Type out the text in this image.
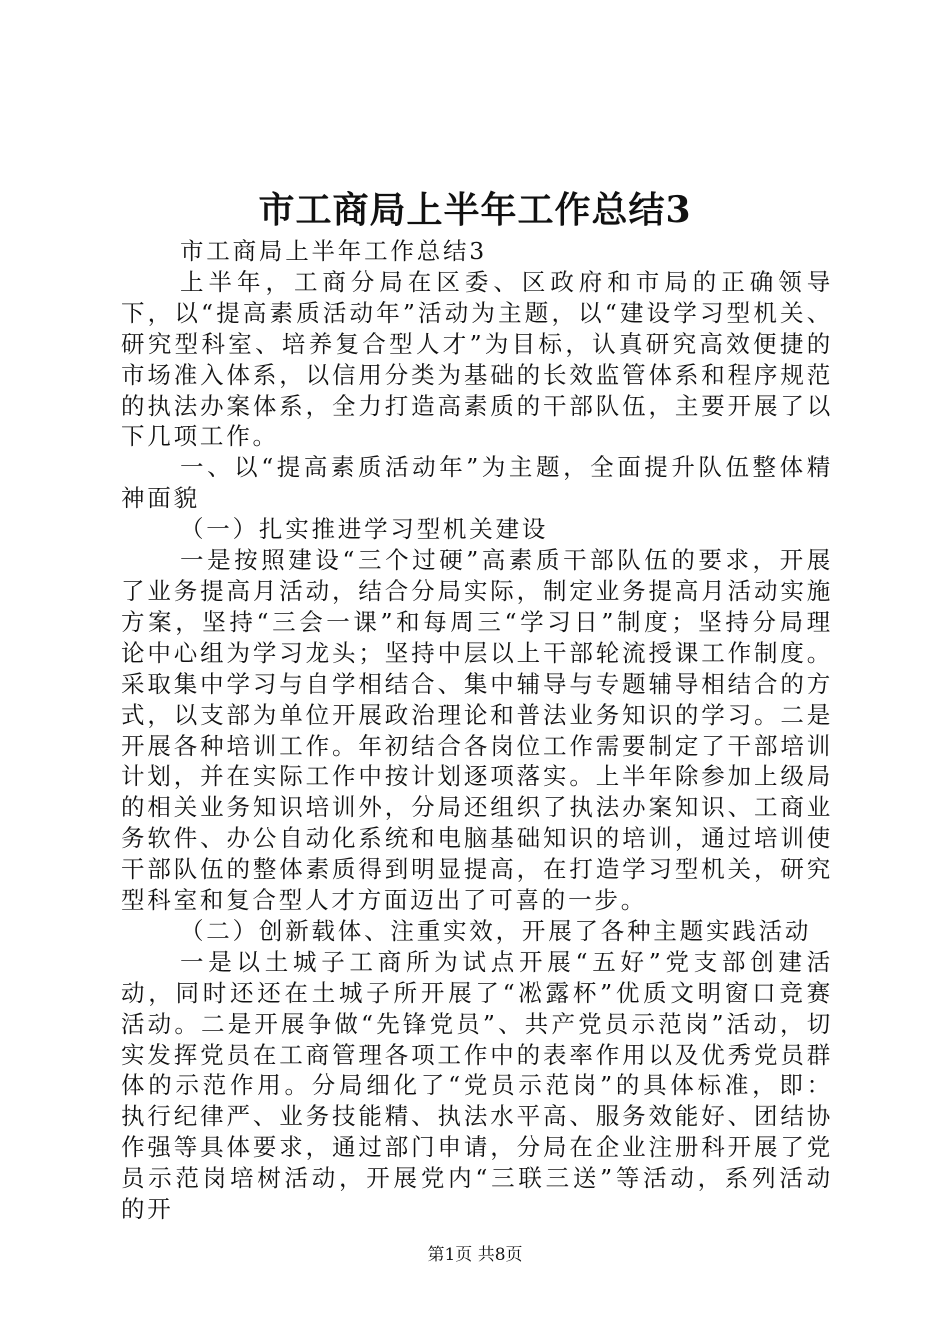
市工商局上半年工作总结3

市工商局上半年工作总结3

上半年，工商分局在区委、区政府和市局的正确领导下，以“提高素质活动年”活动为主题，以“建设学习型机关、研究型科室、培养复合型人才”为目标，认真研究高效便捷的市场准入体系，以信用分类为基础的长效监管体系和程序规范的执法办案体系，全力打造高素质的干部队伍，主要开展了以下几项工作。

一、以“提高素质活动年”为主题，全面提升队伍整体精神面貌

（一）扎实推进学习型机关建设

一是按照建设“三个过硬”高素质干部队伍的要求，开展了业务提高月活动，结合分局实际，制定业务提高月活动实施方案，坚持“三会一课”和每周三“学习日”制度；坚持分局理论中心组为学习龙头；坚持中层以上干部轮流授课工作制度。采取集中学习与自学相结合、集中辅导与专题辅导相结合的方式，以支部为单位开展政治理论和普法业务知识的学习。二是开展各种培训工作。年初结合各岗位工作需要制定了干部培训计划，并在实际工作中按计划逐项落实。上半年除参加上级局的相关业务知识培训外，分局还组织了执法办案知识、工商业务软件、办公自动化系统和电脑基础知识的培训，通过培训使干部队伍的整体素质得到明显提高，在打造学习型机关，研究型科室和复合型人才方面迈出了可喜的一步。

（二）创新载体、注重实效，开展了各种主题实践活动

一是以土城子工商所为试点开展“五好”党支部创建活动，同时还还在土城子所开展了“凇露杯”优质文明窗口竞赛活动。二是开展争做“先锋党员”、共产党员示范岗”活动，切实发挥党员在工商管理各项工作中的表率作用以及优秀党员群体的示范作用。分局细化了“党员示范岗”的具体标准，即：执行纪律严、业务技能精、执法水平高、服务效能好、团结协作强等具体要求，通过部门申请，分局在企业注册科开展了党员示范岗培树活动，开展党内“三联三送”等活动，系列活动的开

第1页 共8页
